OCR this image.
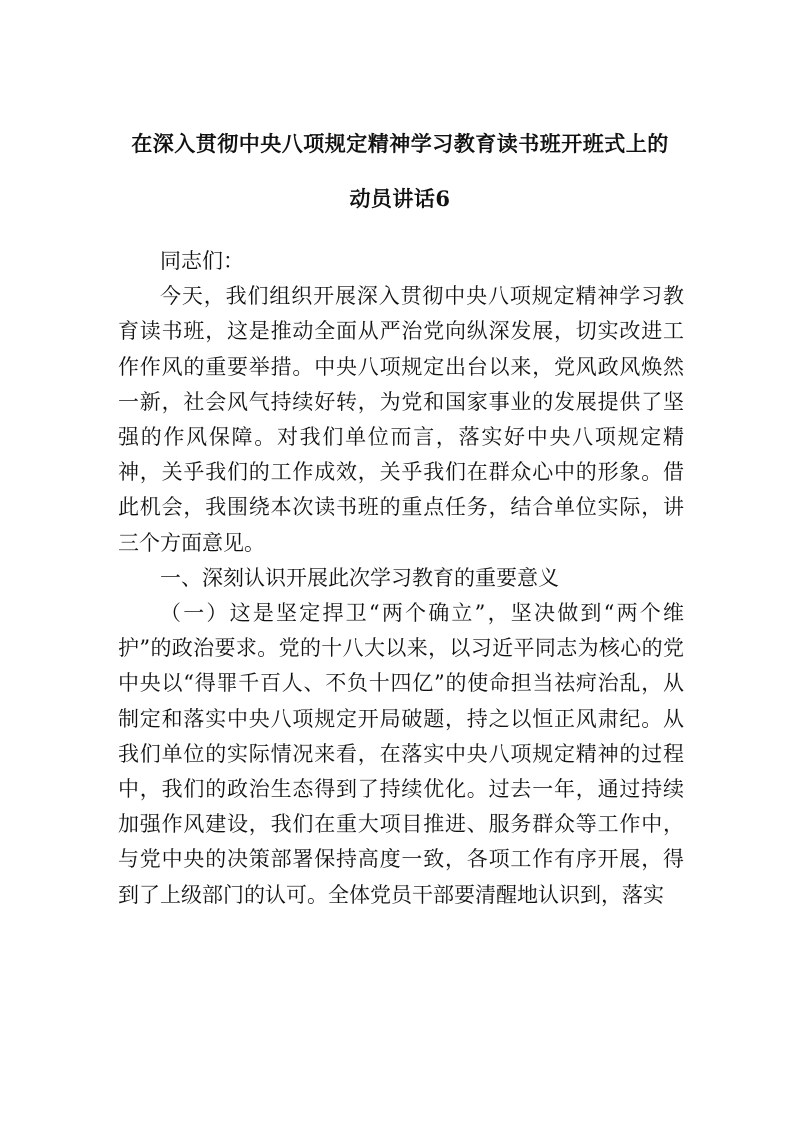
在深入贯彻中央八项规定精神学习教育读书班开班式上的
动员讲话6

同志们：

今天，我们组织开展深入贯彻中央八项规定精神学习教育读书班，这是推动全面从严治党向纵深发展，切实改进工作作风的重要举措。中央八项规定出台以来，党风政风焕然一新，社会风气持续好转，为党和国家事业的发展提供了坚强的作风保障。对我们单位而言，落实好中央八项规定精神，关乎我们的工作成效，关乎我们在群众心中的形象。借此机会，我围绕本次读书班的重点任务，结合单位实际，讲三个方面意见。

一、深刻认识开展此次学习教育的重要意义

（一）这是坚定捍卫“两个确立”，坚决做到“两个维护”的政治要求。党的十八大以来，以习近平同志为核心的党中央以“得罪千百人、不负十四亿”的使命担当祛疴治乱，从制定和落实中央八项规定开局破题，持之以恒正风肃纪。从我们单位的实际情况来看，在落实中央八项规定精神的过程中，我们的政治生态得到了持续优化。过去一年，通过持续加强作风建设，我们在重大项目推进、服务群众等工作中，与党中央的决策部署保持高度一致，各项工作有序开展，得到了上级部门的认可。全体党员干部要清醒地认识到，落实
